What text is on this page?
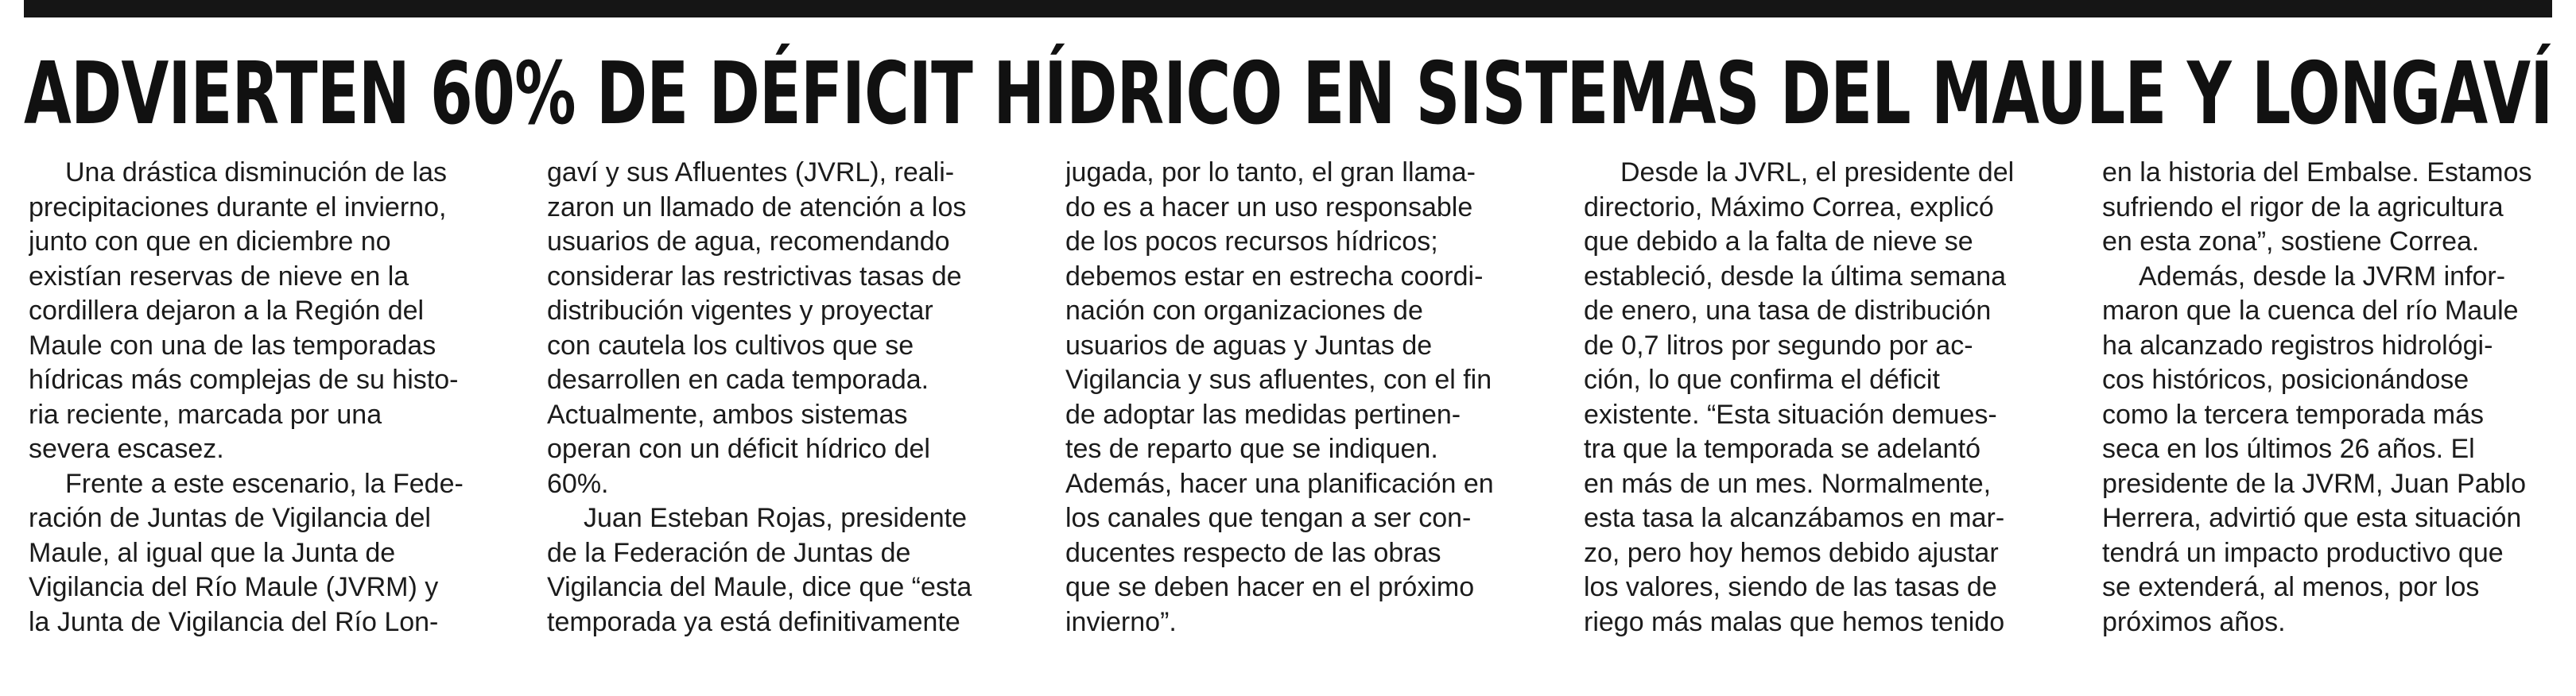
ADVIERTEN 60% DE DÉFICIT HÍDRICO EN SISTEMAS DEL MAULE Y LONGAVÍ

Una drástica disminución de las

precipitaciones durante el invierno,

junto con que en diciembre no

existían reservas de nieve en la

cordillera dejaron a la Región del

Maule con una de las temporadas

hídricas más complejas de su histo-

ria reciente, marcada por una

severa escasez.

Frente a este escenario, la Fede-

ración de Juntas de Vigilancia del

Maule, al igual que la Junta de

Vigilancia del Río Maule (JVRM) y

la Junta de Vigilancia del Río Lon-

gaví y sus Afluentes (JVRL), reali-

zaron un llamado de atención a los

usuarios de agua, recomendando

considerar las restrictivas tasas de

distribución vigentes y proyectar

con cautela los cultivos que se

desarrollen en cada temporada.

Actualmente, ambos sistemas

operan con un déficit hídrico del

60%.

Juan Esteban Rojas, presidente

de la Federación de Juntas de

Vigilancia del Maule, dice que “esta

temporada ya está definitivamente

jugada, por lo tanto, el gran llama-

do es a hacer un uso responsable

de los pocos recursos hídricos;

debemos estar en estrecha coordi-

nación con organizaciones de

usuarios de aguas y Juntas de

Vigilancia y sus afluentes, con el fin

de adoptar las medidas pertinen-

tes de reparto que se indiquen.

Además, hacer una planificación en

los canales que tengan a ser con-

ducentes respecto de las obras

que se deben hacer en el próximo

invierno”.

Desde la JVRL, el presidente del

directorio, Máximo Correa, explicó

que debido a la falta de nieve se

estableció, desde la última semana

de enero, una tasa de distribución

de 0,7 litros por segundo por ac-

ción, lo que confirma el déficit

existente. “Esta situación demues-

tra que la temporada se adelantó

en más de un mes. Normalmente,

esta tasa la alcanzábamos en mar-

zo, pero hoy hemos debido ajustar

los valores, siendo de las tasas de

riego más malas que hemos tenido

en la historia del Embalse. Estamos

sufriendo el rigor de la agricultura

en esta zona”, sostiene Correa.

Además, desde la JVRM infor-

maron que la cuenca del río Maule

ha alcanzado registros hidrológi-

cos históricos, posicionándose

como la tercera temporada más

seca en los últimos 26 años. El

presidente de la JVRM, Juan Pablo

Herrera, advirtió que esta situación

tendrá un impacto productivo que

se extenderá, al menos, por los

próximos años.
